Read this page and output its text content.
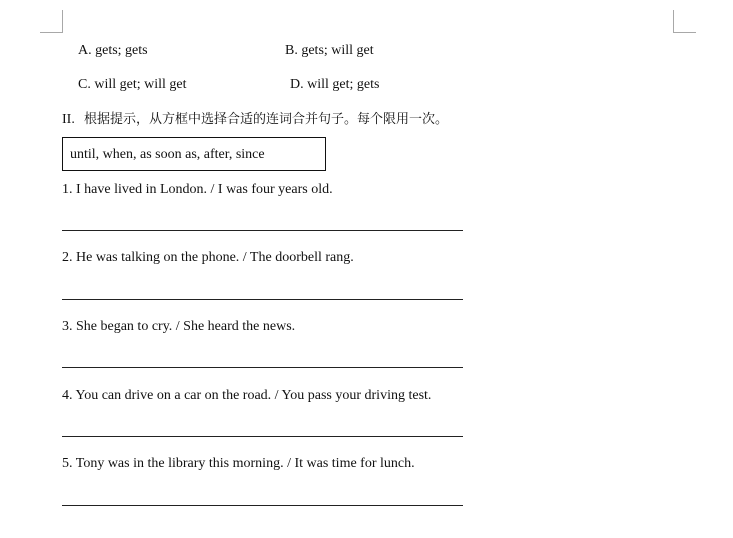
A. gets; gets	B. gets; will get
C. will get; will get	D. will get; gets
II. 根据提示，从方框中选择合适的连词合并句子。每个限用一次。
until, when, as soon as, after, since
1. I have lived in London. / I was four years old.
2. He was talking on the phone. / The doorbell rang.
3. She began to cry. / She heard the news.
4. You can drive on a car on the road. / You pass your driving test.
5. Tony was in the library this morning. / It was time for lunch.
